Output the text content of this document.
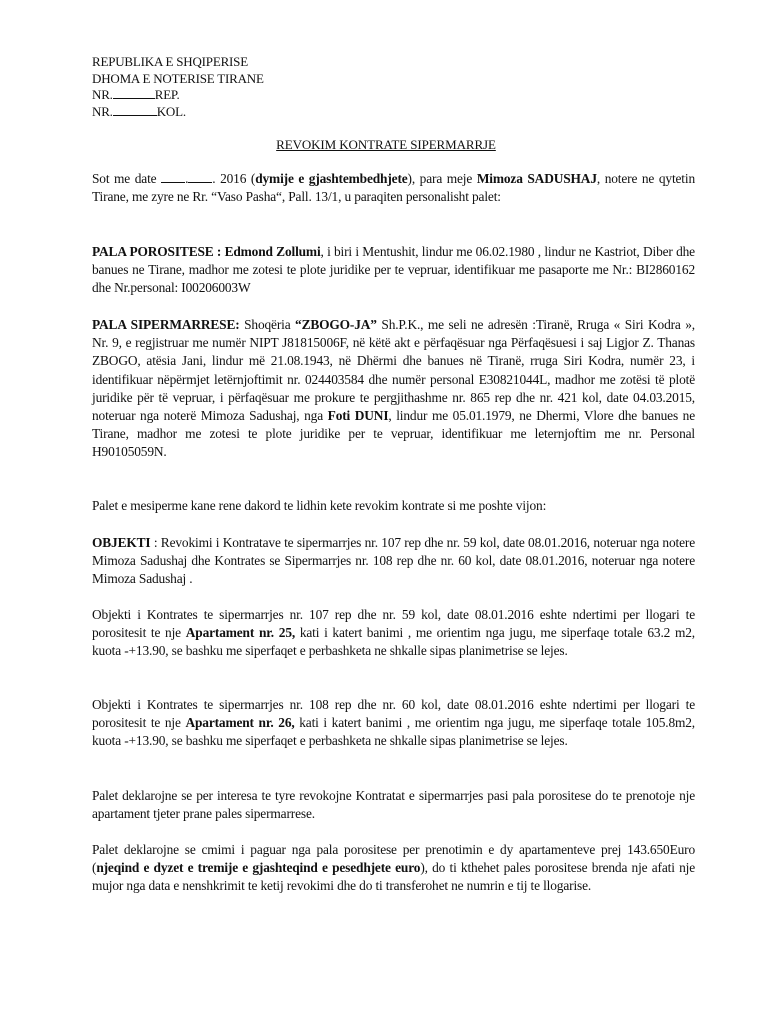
REPUBLIKA E SHQIPERISE
DHOMA E NOTERISE TIRANE
NR.	REP.
NR.	KOL.
REVOKIM KONTRATE SIPERMARRJE
Sot me date . . 2016 (dymije e gjashtembedhjete), para meje Mimoza SADUSHAJ, notere ne qytetin Tirane, me zyre ne Rr. “Vaso Pasha“, Pall. 13/1, u paraqiten personalisht palet:
PALA POROSITESE : Edmond Zollumi, i biri i Mentushit, lindur me 06.02.1980 , lindur ne Kastriot, Diber dhe banues ne Tirane, madhor me zotesi te plote juridike per te vepruar, identifikuar me pasaporte me Nr.: BI2860162 dhe Nr.personal: I00206003W
PALA SIPERMARRESE: Shoqëria “ZBOGO-JA” Sh.P.K., me seli ne adresën :Tiranë, Rruga « Siri Kodra », Nr. 9, e regjistruar me numër NIPT J81815006F, në këtë akt e përfaqësuar nga Përfaqësuesi i saj Ligjor Z. Thanas ZBOGO, atësia Jani, lindur më 21.08.1943, në Dhërmi dhe banues në Tiranë, rruga Siri Kodra, numër 23, i identifikuar nëpërmjet letërnjoftimit nr. 024403584 dhe numër personal E30821044L, madhor me zotësi të plotë juridike për të vepruar, i përfaqësuar me prokure te pergjithashme nr. 865 rep dhe nr. 421 kol, date 04.03.2015, noteruar nga noterë Mimoza Sadushaj, nga Foti DUNI, lindur me 05.01.1979, ne Dhermi, Vlore dhe banues ne Tirane, madhor me zotesi te plote juridike per te vepruar, identifikuar me leternjoftim me nr. Personal H90105059N.
Palet e mesiperme kane rene dakord te lidhin kete revokim kontrate si me poshte vijon:
OBJEKTI : Revokimi i Kontratave te sipermarrjes nr. 107 rep dhe nr. 59 kol, date 08.01.2016, noteruar nga notere Mimoza Sadushaj dhe Kontrates se Sipermarrjes nr. 108 rep dhe nr. 60 kol, date 08.01.2016, noteruar nga notere Mimoza Sadushaj .
Objekti i Kontrates te sipermarrjes nr. 107 rep dhe nr. 59 kol, date 08.01.2016 eshte ndertimi per llogari te porositesit te nje Apartament nr. 25, kati i katert banimi , me orientim nga jugu, me siperfaqe totale 63.2 m2, kuota -+13.90, se bashku me siperfaqet e perbashketa ne shkalle sipas planimetrise se lejes.
Objekti i Kontrates te sipermarrjes nr. 108 rep dhe nr. 60 kol, date 08.01.2016 eshte ndertimi per llogari te porositesit te nje Apartament nr. 26, kati i katert banimi , me orientim nga jugu, me siperfaqe totale 105.8m2, kuota -+13.90, se bashku me siperfaqet e perbashketa ne shkalle sipas planimetrise se lejes.
Palet deklarojne se per interesa te tyre revokojne Kontratat e sipermarrjes pasi pala porositese do te prenotoje nje apartament tjeter prane pales sipermarrese.
Palet deklarojne se cmimi i paguar nga pala porositese per prenotimin e dy apartamenteve prej 143.650Euro (njeqind e dyzet e tremije e gjashteqind e pesedhjete euro), do ti kthehet pales porositese brenda nje afati nje mujor nga data e nenshkrimit te ketij revokimi dhe do ti transferohet ne numrin e tij te llogarise.
